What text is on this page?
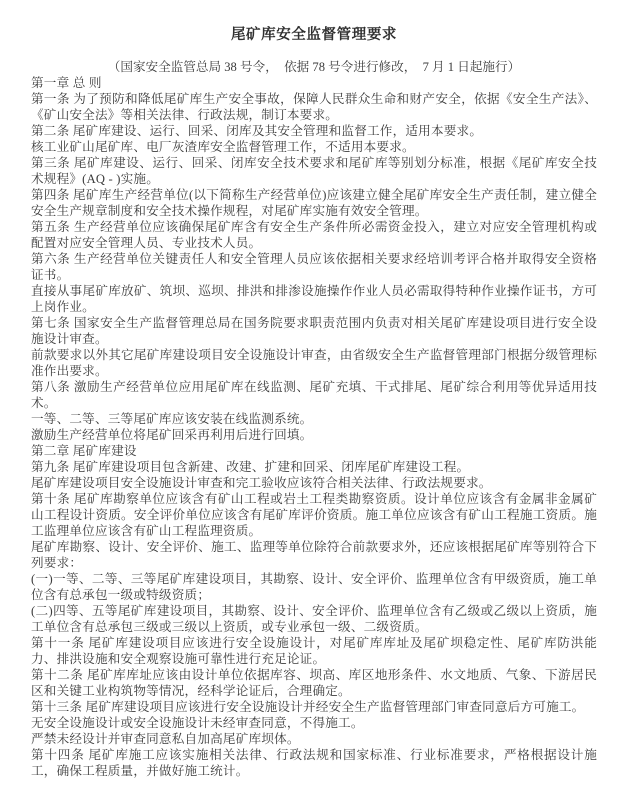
尾矿库安全监督管理要求

（国家安全监管总局 38 号令，  依据 78 号令进行修改，  7 月 1 日起施行）

第一章 总 则

第一条 为了预防和降低尾矿库生产安全事故，保障人民群众生命和财产安全，依据《安全生产法》、《矿山安全法》等相关法律、行政法规，制订本要求。

第二条 尾矿库建设、运行、回采、闭库及其安全管理和监督工作，适用本要求。

核工业矿山尾矿库、电厂灰渣库安全监督管理工作，不适用本要求。

第三条 尾矿库建设、运行、回采、闭库安全技术要求和尾矿库等别划分标准，根据《尾矿库安全技术规程》(AQ - )实施。

第四条 尾矿库生产经营单位(以下简称生产经营单位)应该建立健全尾矿库安全生产责任制，建立健全安全生产规章制度和安全技术操作规程，对尾矿库实施有效安全管理。

第五条 生产经营单位应该确保尾矿库含有安全生产条件所必需资金投入，建立对应安全管理机构或配置对应安全管理人员、专业技术人员。

第六条 生产经营单位关键责任人和安全管理人员应该依据相关要求经培训考评合格并取得安全资格证书。

直接从事尾矿库放矿、筑坝、巡坝、排洪和排渗设施操作作业人员必需取得特种作业操作证书，方可上岗作业。

第七条 国家安全生产监督管理总局在国务院要求职责范围内负责对相关尾矿库建设项目进行安全设施设计审查。

前款要求以外其它尾矿库建设项目安全设施设计审查，由省级安全生产监督管理部门根据分级管理标准作出要求。

第八条 激励生产经营单位应用尾矿库在线监测、尾矿充填、干式排尾、尾矿综合利用等优异适用技术。

一等、二等、三等尾矿库应该安装在线监测系统。

激励生产经营单位将尾矿回采再利用后进行回填。

第二章 尾矿库建设

第九条 尾矿库建设项目包含新建、改建、扩建和回采、闭库尾矿库建设工程。

尾矿库建设项目安全设施设计审查和完工验收应该符合相关法律、行政法规要求。

第十条 尾矿库勘察单位应该含有矿山工程或岩土工程类勘察资质。设计单位应该含有金属非金属矿山工程设计资质。安全评价单位应该含有尾矿库评价资质。施工单位应该含有矿山工程施工资质。施工监理单位应该含有矿山工程监理资质。

尾矿库勘察、设计、安全评价、施工、监理等单位除符合前款要求外，还应该根据尾矿库等别符合下列要求：

(一)一等、二等、三等尾矿库建设项目，其勘察、设计、安全评价、监理单位含有甲级资质，施工单位含有总承包一级或特级资质；

(二)四等、五等尾矿库建设项目，其勘察、设计、安全评价、监理单位含有乙级或乙级以上资质，施工单位含有总承包三级或三级以上资质，或专业承包一级、二级资质。

第十一条 尾矿库建设项目应该进行安全设施设计，对尾矿库库址及尾矿坝稳定性、尾矿库防洪能力、排洪设施和安全观察设施可靠性进行充足论证。

第十二条 尾矿库库址应该由设计单位依据库容、坝高、库区地形条件、水文地质、气象、下游居民区和关键工业构筑物等情况，经科学论证后，合理确定。

第十三条 尾矿库建设项目应该进行安全设施设计并经安全生产监督管理部门审查同意后方可施工。

无安全设施设计或安全设施设计未经审查同意，不得施工。

严禁未经设计并审查同意私自加高尾矿库坝体。

第十四条 尾矿库施工应该实施相关法律、行政法规和国家标准、行业标准要求，严格根据设计施工，确保工程质量，并做好施工统计。
